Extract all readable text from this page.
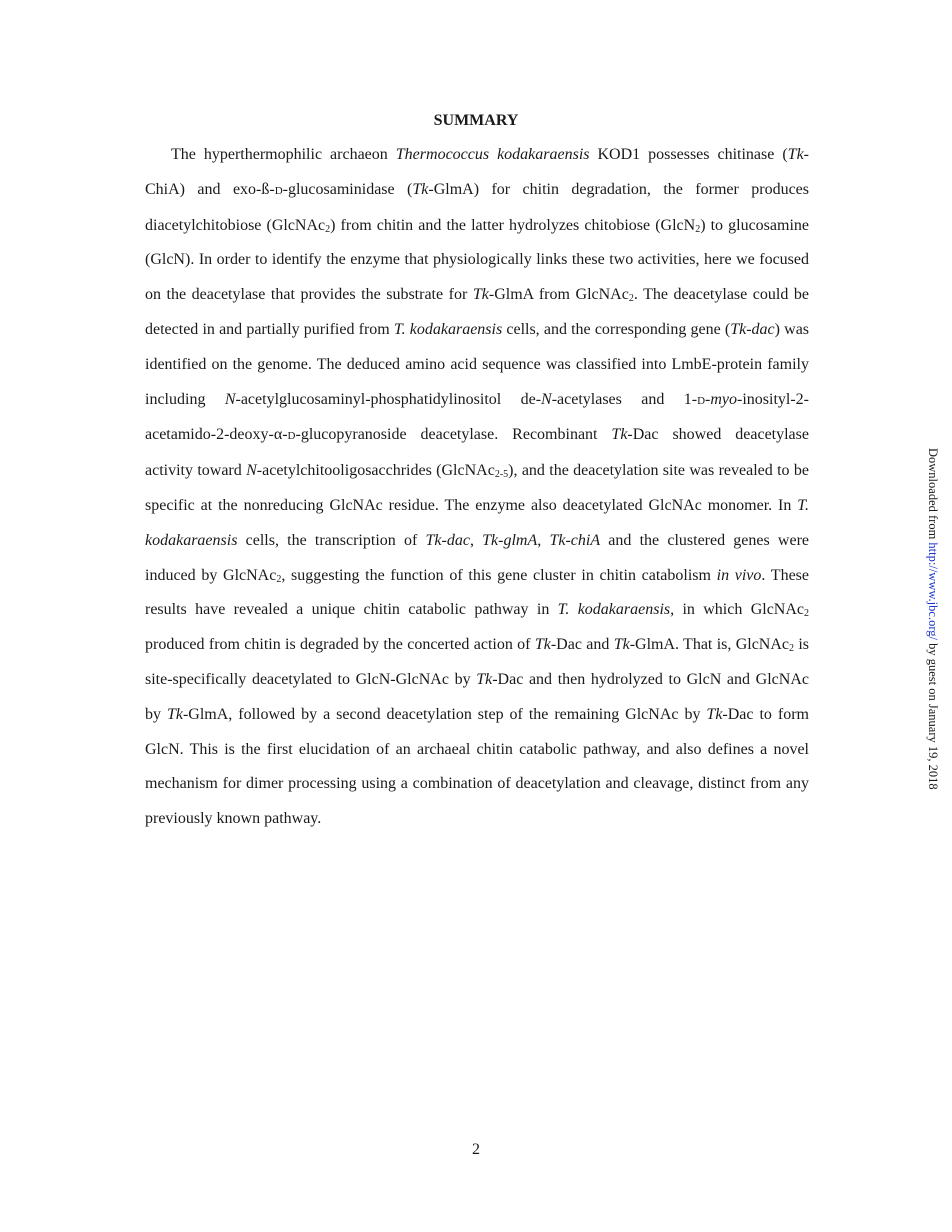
SUMMARY

The hyperthermophilic archaeon Thermococcus kodakaraensis KOD1 possesses chitinase (Tk-ChiA) and exo-ß-D-glucosaminidase (Tk-GlmA) for chitin degradation, the former produces diacetylchitobiose (GlcNAc$_2$) from chitin and the latter hydrolyzes chitobiose (GlcN$_2$) to glucosamine (GlcN). In order to identify the enzyme that physiologically links these two activities, here we focused on the deacetylase that provides the substrate for Tk-GlmA from GlcNAc$_2$. The deacetylase could be detected in and partially purified from T. kodakaraensis cells, and the corresponding gene (Tk-dac) was identified on the genome. The deduced amino acid sequence was classified into LmbE-protein family including N-acetylglucosaminyl-phosphatidylinositol de-N-acetylases and 1-D-myo-inosityl-2-acetamido-2-deoxy-α-D-glucopyranoside deacetylase. Recombinant Tk-Dac showed deacetylase activity toward N-acetylchitooligosacchrides (GlcNAc$_{2-5}$), and the deacetylation site was revealed to be specific at the nonreducing GlcNAc residue. The enzyme also deacetylated GlcNAc monomer. In T. kodakaraensis cells, the transcription of Tk-dac, Tk-glmA, Tk-chiA and the clustered genes were induced by GlcNAc$_2$, suggesting the function of this gene cluster in chitin catabolism in vivo. These results have revealed a unique chitin catabolic pathway in T. kodakaraensis, in which GlcNAc$_2$ produced from chitin is degraded by the concerted action of Tk-Dac and Tk-GlmA. That is, GlcNAc$_2$ is site-specifically deacetylated to GlcN-GlcNAc by Tk-Dac and then hydrolyzed to GlcN and GlcNAc by Tk-GlmA, followed by a second deacetylation step of the remaining GlcNAc by Tk-Dac to form GlcN. This is the first elucidation of an archaeal chitin catabolic pathway, and also defines a novel mechanism for dimer processing using a combination of deacetylation and cleavage, distinct from any previously known pathway.

Downloaded from http://www.jbc.org/ by guest on January 19, 2018
2
